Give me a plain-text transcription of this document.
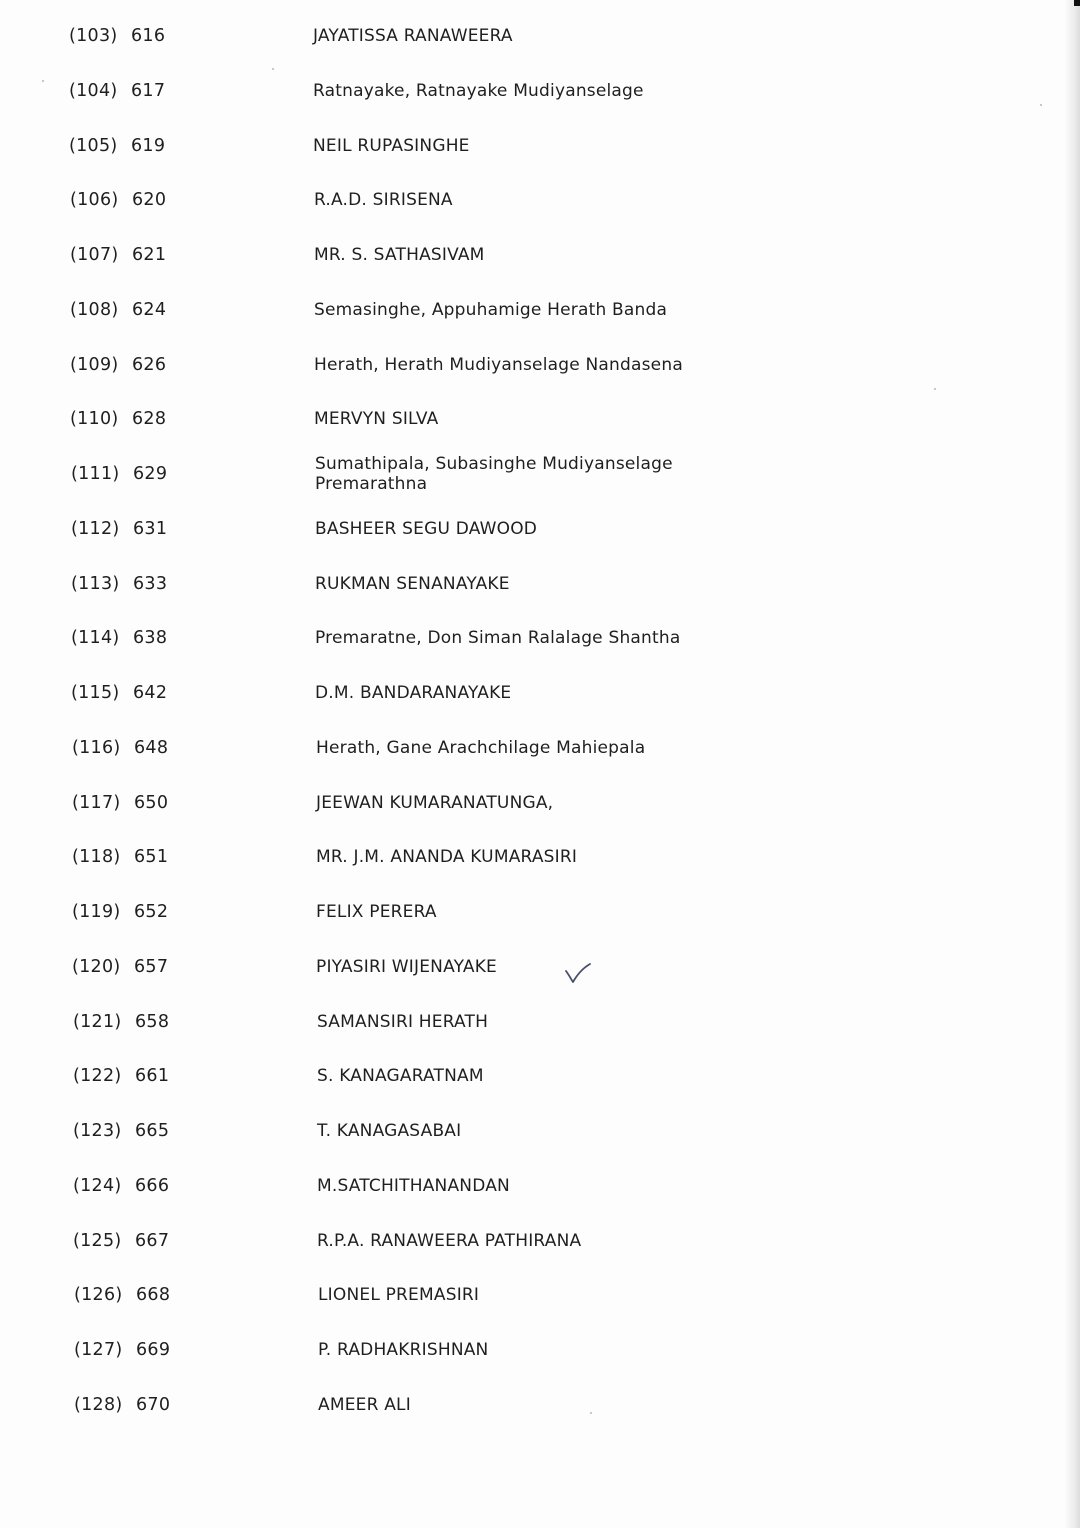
(103) 616	JAYATISSA RANAWEERA
(104) 617	Ratnayake, Ratnayake Mudiyanselage
(105) 619	NEIL RUPASINGHE
(106) 620	R.A.D. SIRISENA
(107) 621	MR. S. SATHASIVAM
(108) 624	Semasinghe, Appuhamige Herath Banda
(109) 626	Herath, Herath Mudiyanselage Nandasena
(110) 628	MERVYN SILVA
(111) 629	Sumathipala, Subasinghe Mudiyanselage Premarathna
(112) 631	BASHEER SEGU DAWOOD
(113) 633	RUKMAN SENANAYAKE
(114) 638	Premaratne, Don Siman Ralalage Shantha
(115) 642	D.M. BANDARANAYAKE
(116) 648	Herath, Gane Arachchilage Mahiepala
(117) 650	JEEWAN KUMARANATUNGA,
(118) 651	MR. J.M. ANANDA KUMARASIRI
(119) 652	FELIX PERERA
(120) 657	PIYASIRI WIJENAYAKE
(121) 658	SAMANSIRI HERATH
(122) 661	S. KANAGARATNAM
(123) 665	T. KANAGASABAI
(124) 666	M.SATCHITHANANDAN
(125) 667	R.P.A. RANAWEERA PATHIRANA
(126) 668	LIONEL PREMASIRI
(127) 669	P. RADHAKRISHNAN
(128) 670	AMEER ALI
